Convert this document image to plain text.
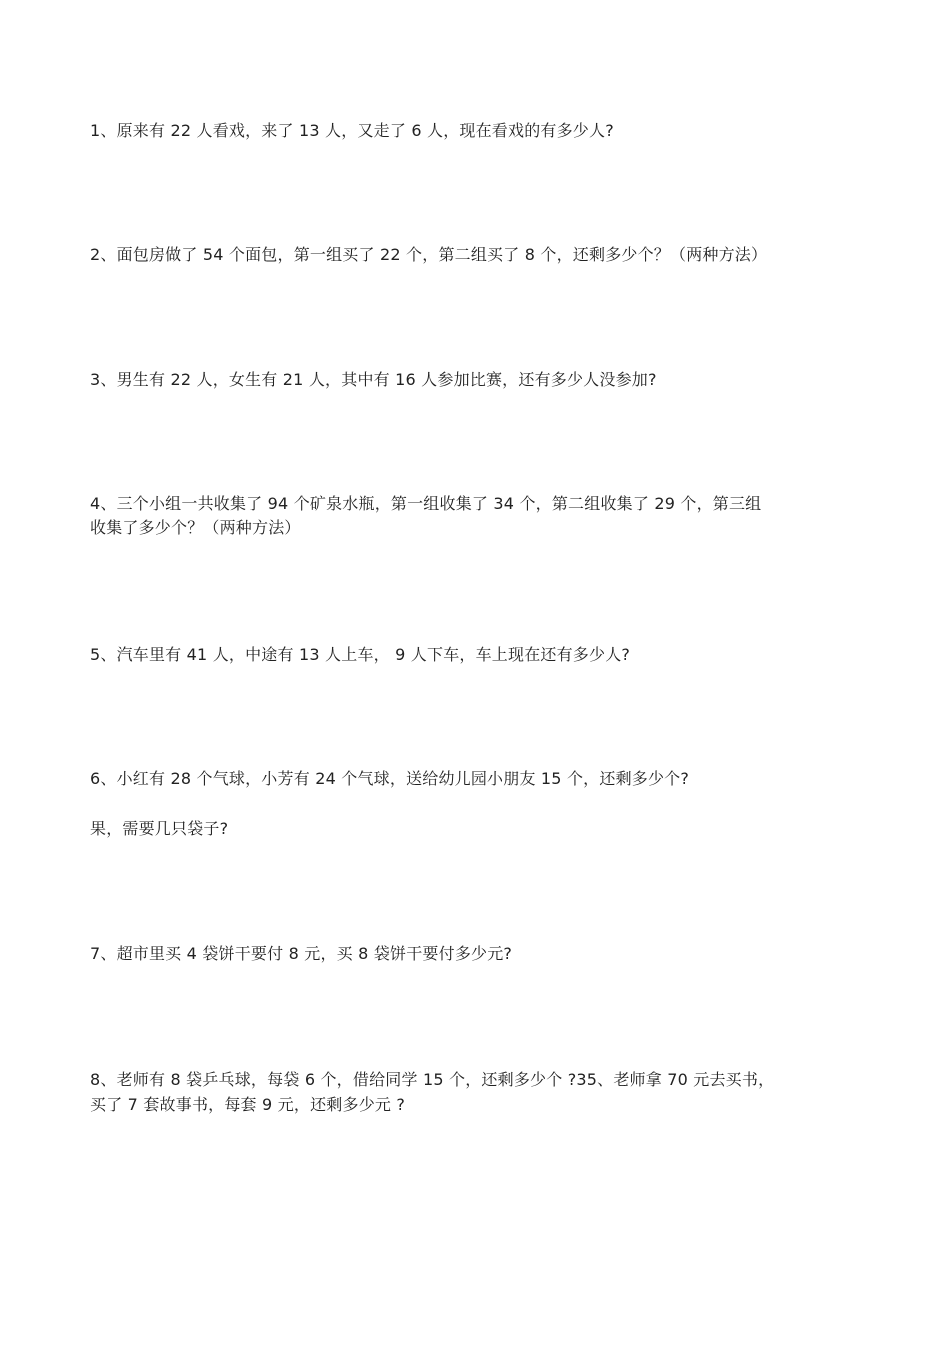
1、原来有 22 人看戏，来了 13 人，又走了 6 人，现在看戏的有多少人?
2、面包房做了 54 个面包，第一组买了 22 个，第二组买了 8 个，还剩多少个？（两种方法）
3、男生有 22 人，女生有 21 人，其中有 16 人参加比赛，还有多少人没参加?
4、三个小组一共收集了 94 个矿泉水瓶，第一组收集了 34 个，第二组收集了 29 个，第三组
收集了多少个？（两种方法）
5、汽车里有 41 人，中途有 13 人上车， 9 人下车，车上现在还有多少人?
6、小红有 28 个气球，小芳有 24 个气球，送给幼儿园小朋友 15 个，还剩多少个?
果，需要几只袋子?
7、超市里买 4 袋饼干要付 8 元，买 8 袋饼干要付多少元?
8、老师有 8 袋乒乓球，每袋 6 个，借给同学 15 个，还剩多少个 ?35、老师拿 70 元去买书，
买了 7 套故事书，每套 9 元，还剩多少元 ?
